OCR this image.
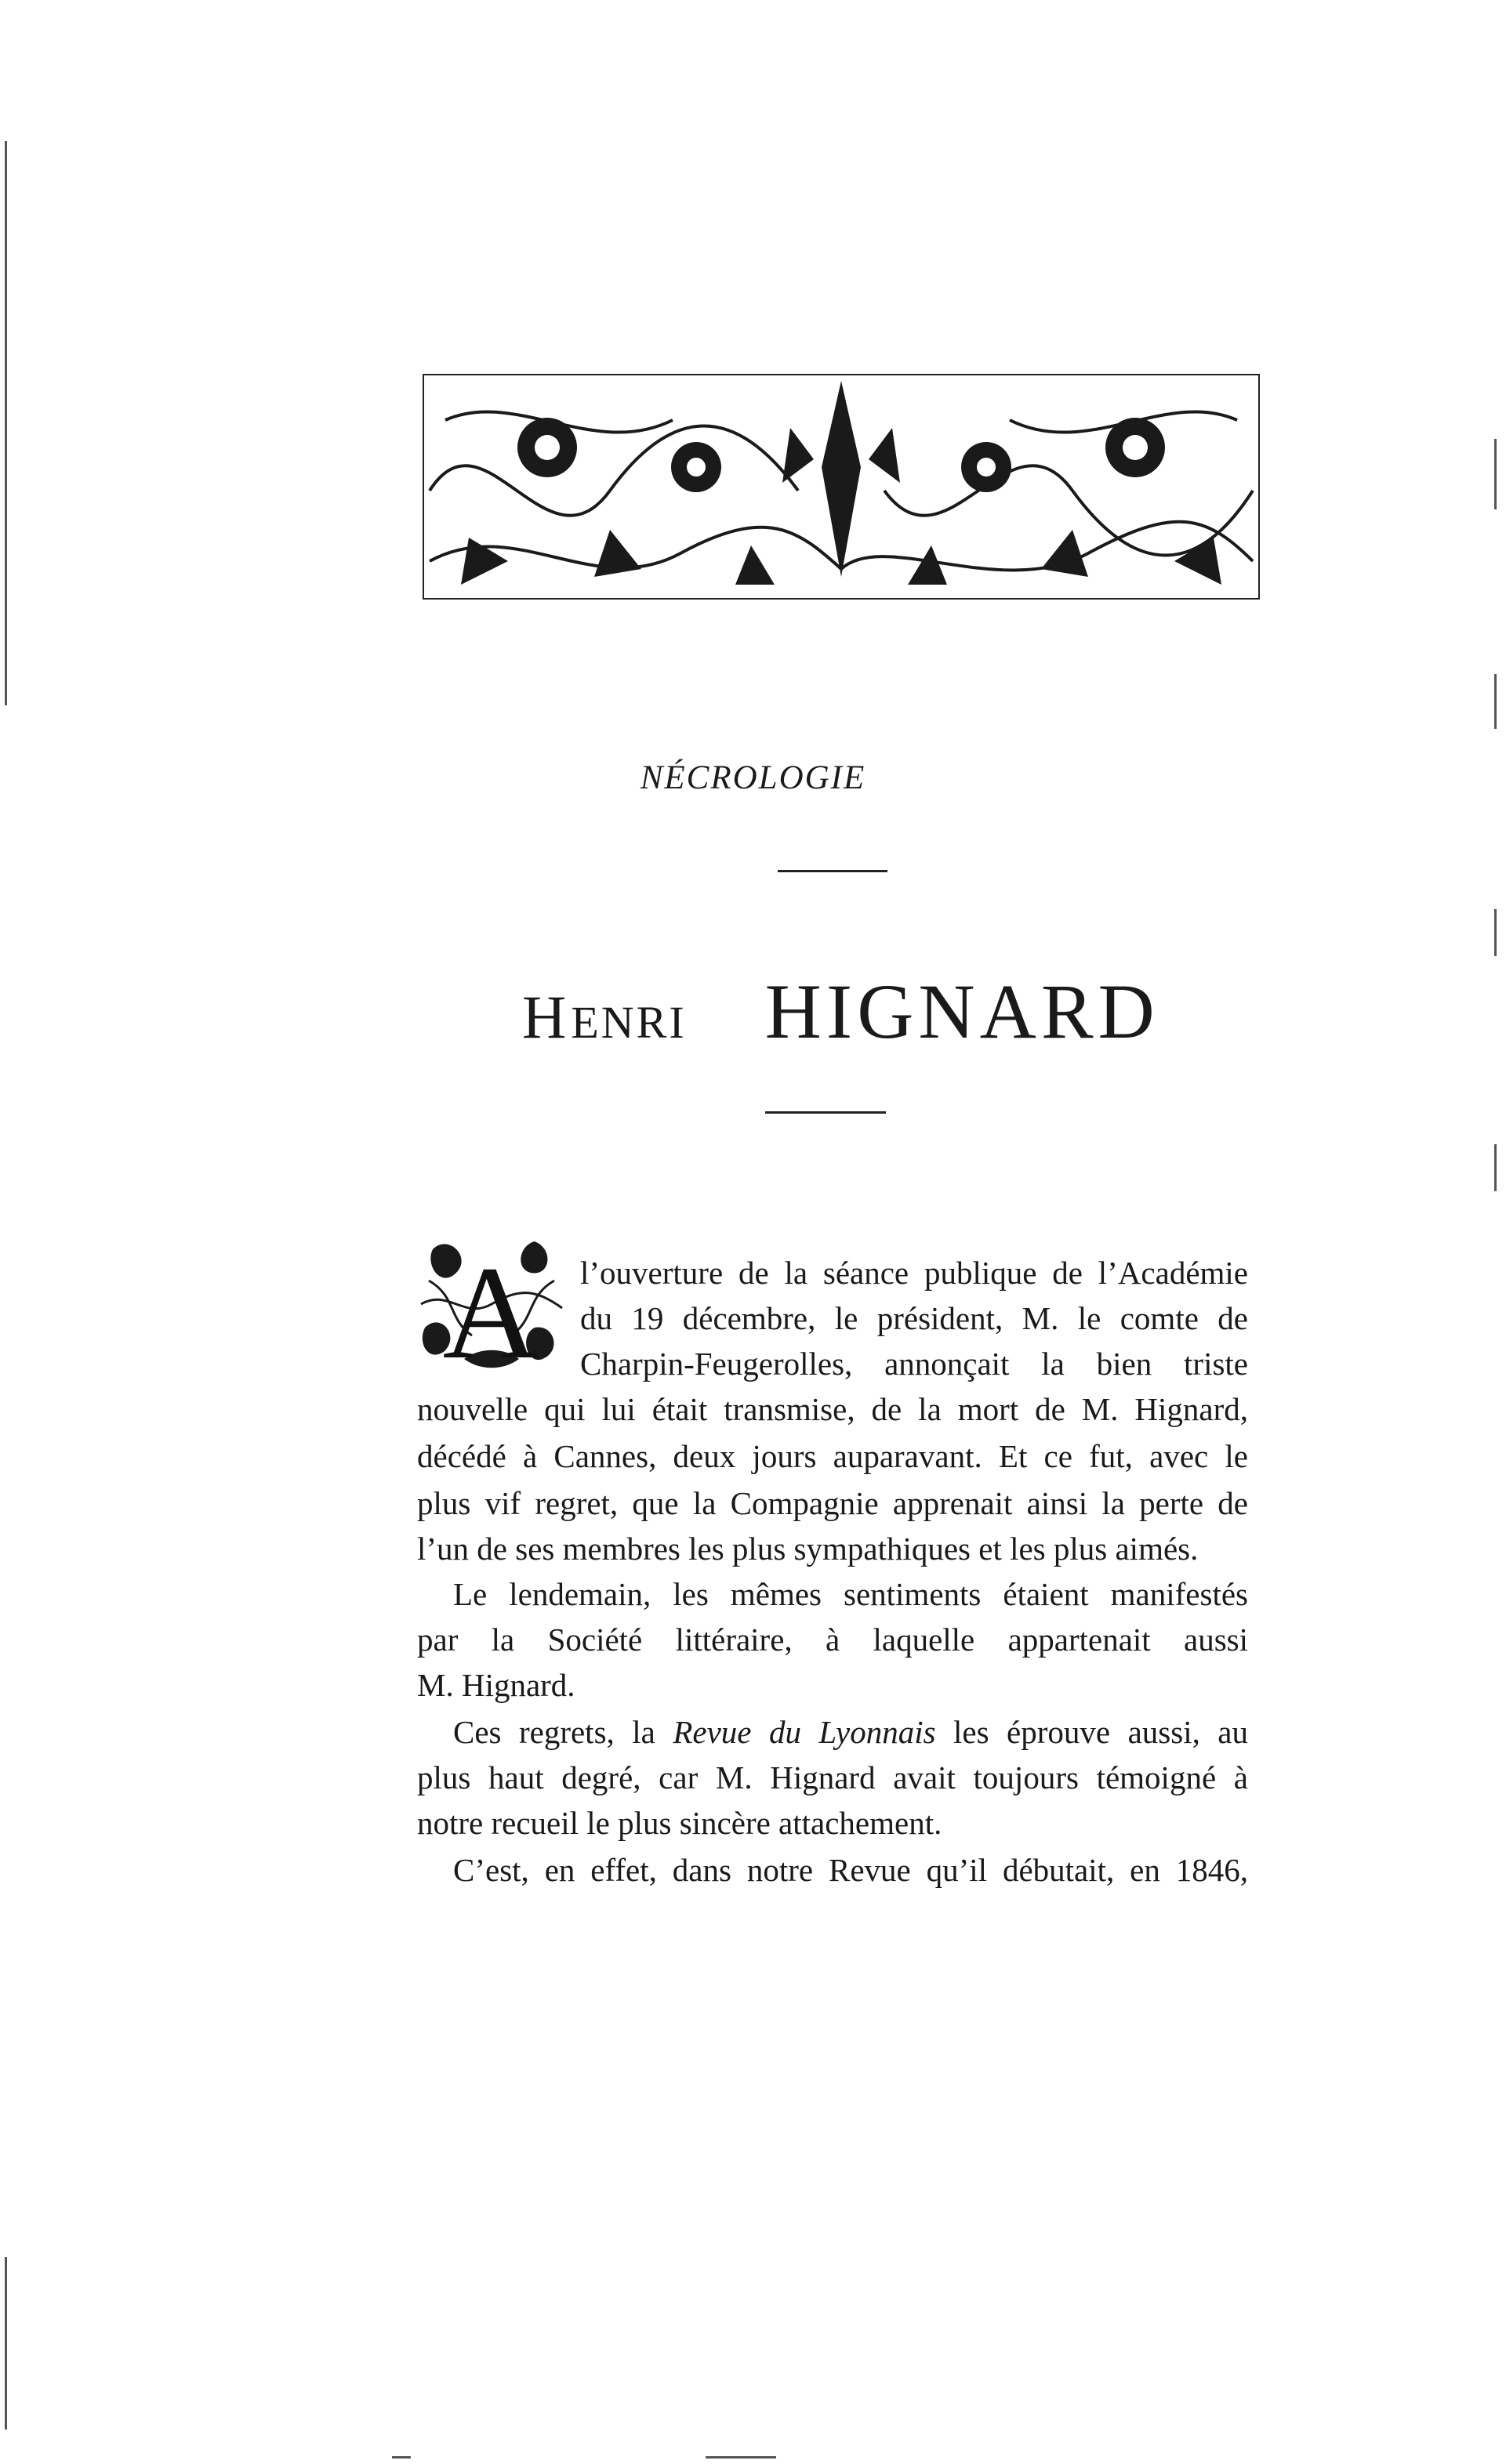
NÉCROLOGIE
HENRI HIGNARD
A l’ouverture de la séance publique de l’Académie
du 19 décembre, le président, M. le comte de
Charpin-Feugerolles, annonçait la bien triste
nouvelle qui lui était transmise, de la mort de M. Hignard,
décédé à Cannes, deux jours auparavant. Et ce fut, avec le
plus vif regret, que la Compagnie apprenait ainsi la perte de
l’un de ses membres les plus sympathiques et les plus aimés.
Le lendemain, les mêmes sentiments étaient manifestés
par la Société littéraire, à laquelle appartenait aussi
M. Hignard.
Ces regrets, la Revue du Lyonnais les éprouve aussi, au
plus haut degré, car M. Hignard avait toujours témoigné à
notre recueil le plus sincère attachement.
C’est, en effet, dans notre Revue qu’il débutait, en 1846,
